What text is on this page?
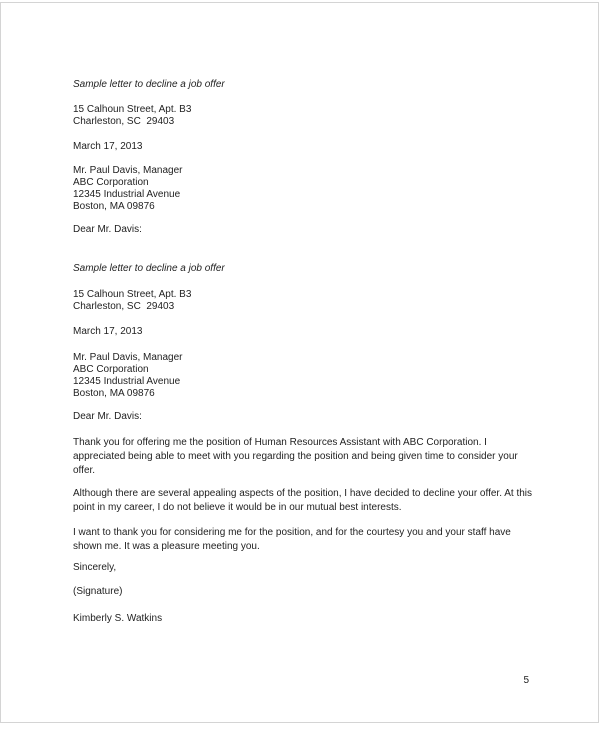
Sample letter to decline a job offer
15 Calhoun Street, Apt. B3
Charleston, SC  29403
March 17, 2013
Mr. Paul Davis, Manager
ABC Corporation
12345 Industrial Avenue
Boston, MA 09876
Dear Mr. Davis:
Sample letter to decline a job offer
15 Calhoun Street, Apt. B3
Charleston, SC  29403
March 17, 2013
Mr. Paul Davis, Manager
ABC Corporation
12345 Industrial Avenue
Boston, MA 09876
Dear Mr. Davis:

Thank you for offering me the position of Human Resources Assistant with ABC Corporation. I appreciated being able to meet with you regarding the position and being given time to consider your offer.

Although there are several appealing aspects of the position, I have decided to decline your offer. At this point in my career, I do not believe it would be in our mutual best interests.

I want to thank you for considering me for the position, and for the courtesy you and your staff have shown me. It was a pleasure meeting you.

Sincerely,
(Signature)
Kimberly S. Watkins
5
